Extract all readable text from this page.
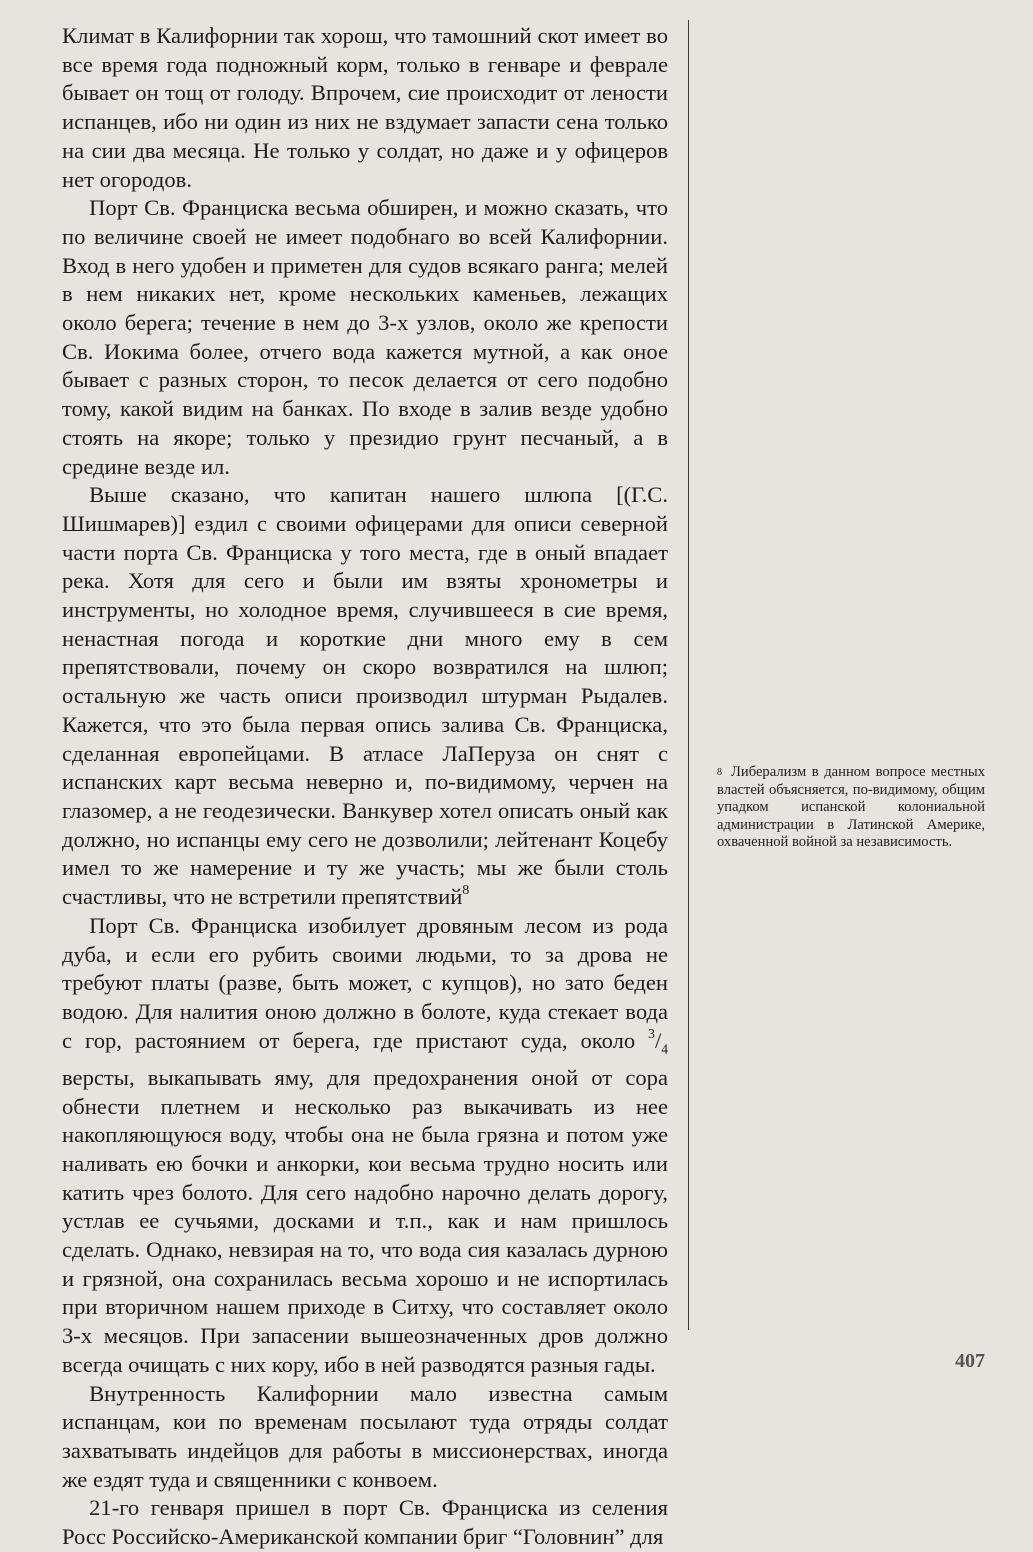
Климат в Калифорнии так хорош, что тамошний скот имеет во все время года подножный корм, только в генваре и феврале бывает он тощ от голоду. Впрочем, сие происходит от лености испанцев, ибо ни один из них не вздумает запасти сена только на сии два месяца. Не только у солдат, но даже и у офицеров нет огородов.

Порт Св. Франциска весьма обширен, и можно сказать, что по величине своей не имеет подобнаго во всей Калифорнии. Вход в него удобен и приметен для судов всякаго ранга; мелей в нем никаких нет, кроме нескольких каменьев, лежащих около берега; течение в нем до 3-х узлов, около же крепости Св. Иокима более, отчего вода кажется мутной, а как оное бывает с разных сторон, то песок делается от сего подобно тому, какой видим на банках. По входе в залив везде удобно стоять на якоре; только у президио грунт песчаный, а в средине везде ил.

Выше сказано, что капитан нашего шлюпа [(Г.С. Шишмарев)] ездил с своими офицерами для описи северной части порта Св. Франциска у того места, где в оный впадает река. Хотя для сего и были им взяты хронометры и инструменты, но холодное время, случившееся в сие время, ненастная погода и короткие дни много ему в сем препятствовали, почему он скоро возвратился на шлюп; остальную же часть описи производил штурман Рыдалев. Кажется, что это была первая опись залива Св. Франциска, сделанная европейцами. В атласе ЛаПеруза он снят с испанских карт весьма неверно и, по-видимому, черчен на глазомер, а не геодезически. Ванкувер хотел описать оный как должно, но испанцы ему сего не дозволили; лейтенант Коцебу имел то же намерение и ту же участь; мы же были столь счастливы, что не встретили препятствий$^8$

Порт Св. Франциска изобилует дровяным лесом из рода дуба, и если его рубить своими людьми, то за дрова не требуют платы (разве, быть может, с купцов), но зато беден водою. Для налития оною должно в болоте, куда стекает вода с гор, растоянием от берега, где пристают суда, около $^3/_4$ версты, выкапывать яму, для предохранения оной от сора обнести плетнем и несколько раз выкачивать из нее накопляющуюся воду, чтобы она не была грязна и потом уже наливать ею бочки и анкорки, кои весьма трудно носить или катить чрез болото. Для сего надобно нарочно делать дорогу, устлав ее сучьями, досками и т.п., как и нам пришлось сделать. Однако, невзирая на то, что вода сия казалась дурною и грязной, она сохранилась весьма хорошо и не испортилась при вторичном нашем приходе в Ситху, что составляет около 3-х месяцов. При запасении вышеозначенных дров должно всегда очищать с них кору, ибо в ней разводятся разныя гады.

Внутренность Калифорнии мало известна самым испанцам, кои по временам посылают туда отряды солдат захватывать индейцов для работы в миссионерствах, иногда же ездят туда и священники с конвоем.

21-го генваря пришел в порт Св. Франциска из селения Росс Российско-Американской компании бриг “Головнин” для

8 Либерализм в данном вопросе местных властей объясняется, по-видимому, общим упадком испанской колониальной администрации в Латинской Америке, охваченной войной за независимость.
407
